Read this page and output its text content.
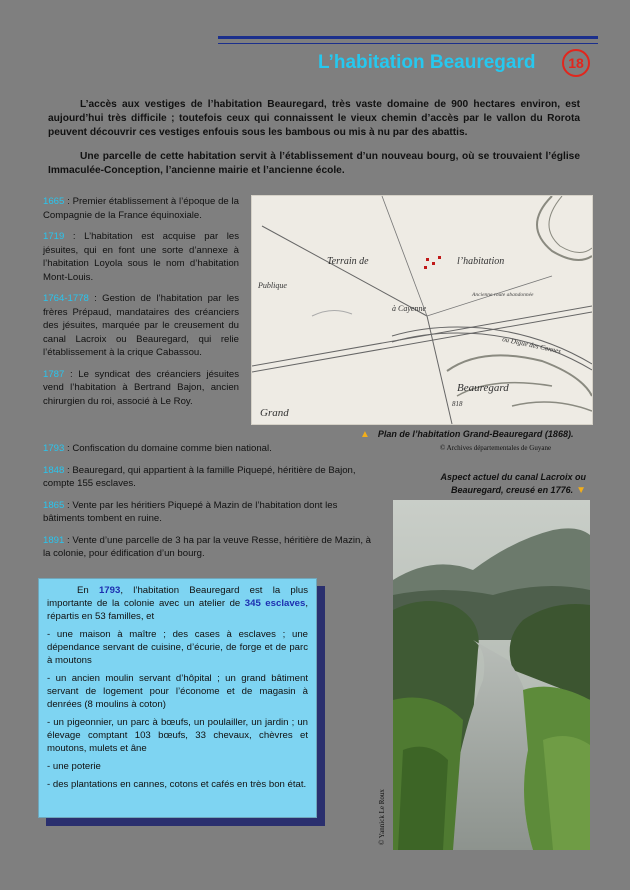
L’habitation Beauregard	18

L’accès aux vestiges de l’habitation Beauregard, très vaste domaine de 900 hectares environ, est aujourd’hui très difficile ; toutefois ceux qui connaissent le vieux chemin d’accès par le vallon du Rorota peuvent découvrir ces vestiges enfouis sous les bambous ou mis à nu par des abattis.

Une parcelle de cette habitation servit à l’établissement d’un nouveau bourg, où se trouvaient l’église Immaculée-Conception, l’ancienne mairie et l’ancienne école.

1665 : Premier établissement à l’époque de la Compagnie de la France équinoxiale.

1719 : L’habitation est acquise par les jésuites, qui en font une sorte d’annexe à l’habitation Loyola sous le nom d’habitation Mont-Louis.

1764-1778 : Gestion de l’habitation par les frères Prépaud, mandataires des créanciers des jésuites, marquée par le creusement du canal Lacroix ou Beauregard, qui relie l’établissement à la crique Cabassou.

1787 : Le syndicat des créanciers jésuites vend l’habitation à Bertrand Bajon, ancien chirurgien du roi, associé à Le Roy.

1793 : Confiscation du domaine comme bien national.

1848 : Beauregard, qui appartient à la famille Piquepé, héritière de Bajon, compte 155 esclaves.

1865 : Vente par les héritiers Piquepé à Mazin de l’habitation dont les bâtiments tombent en ruine.

1891 : Vente d’une parcelle de 3 ha par la veuve Resse, héritière de Mazin, à la colonie, pour édification d’un bourg.

Terrain de	l’habitation
Publique
à Cayenne
Ancienne route abandonnée
ou Digue des Cannes
Beauregard
818
Grand
▲ Plan de l’habitation Grand-Beauregard (1868).
© Archives départementales de Guyane
Aspect actuel du canal Lacroix ou
Beauregard, creusé en 1776. ▼
© Yannick Le Roux

En 1793, l’habitation Beauregard est la plus importante de la colonie avec un atelier de 345 esclaves, répartis en 53 familles, et

- une maison à maître ; des cases à esclaves ; une dépendance servant de cuisine, d’écurie, de forge et de parc à moutons

- un ancien moulin servant d’hôpital ; un grand bâtiment servant de logement pour l’économe et de magasin à denrées (8 moulins à coton)

- un pigeonnier, un parc à bœufs, un poulailler, un jardin ; un élevage comptant 103 bœufs, 33 chevaux, chèvres et moutons, mulets et âne

- une poterie

- des plantations en cannes, cotons et cafés en très bon état.
